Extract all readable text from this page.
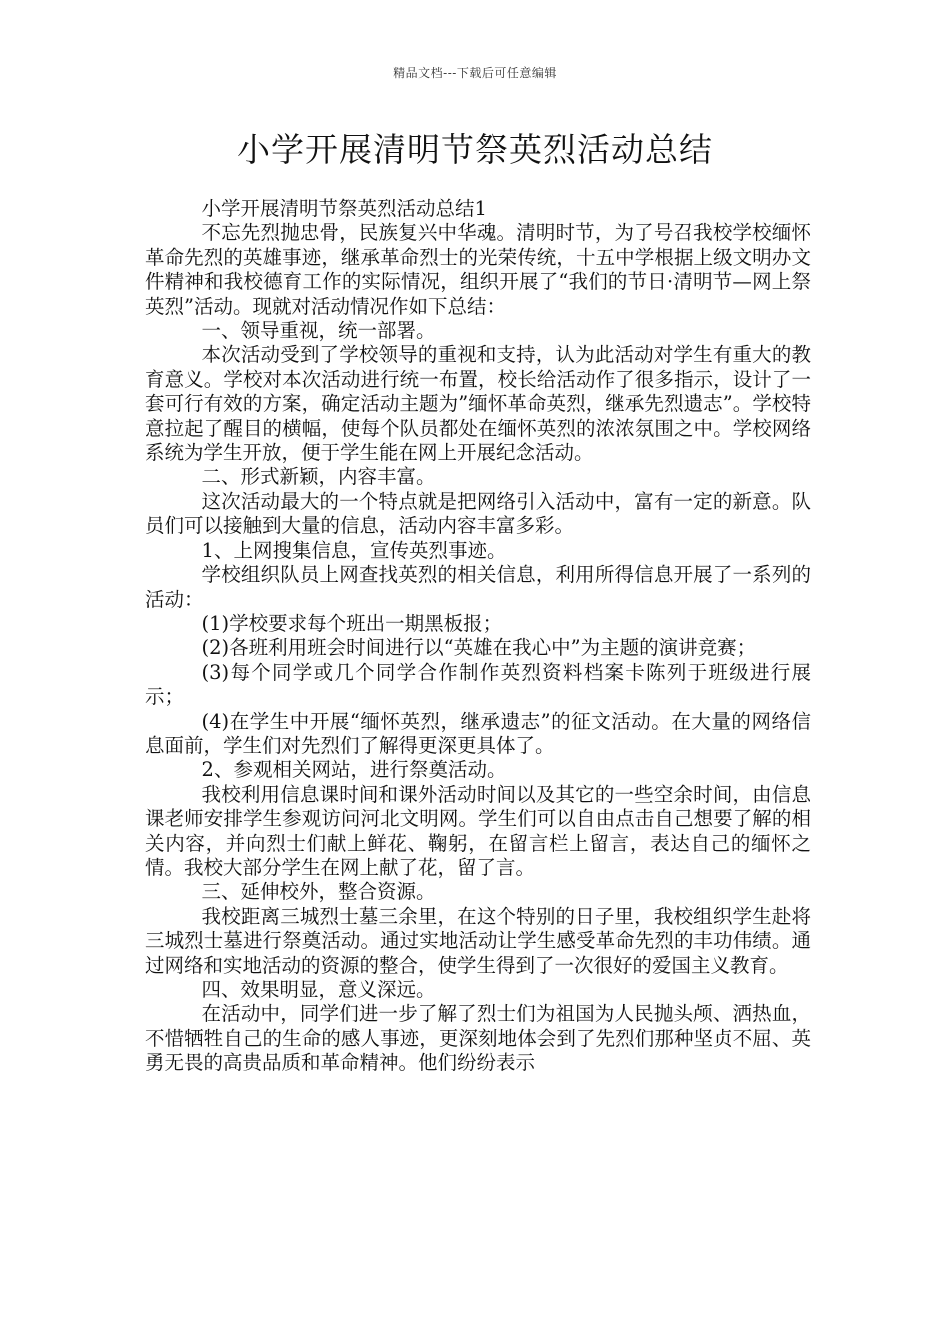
精品文档---下载后可任意编辑
小学开展清明节祭英烈活动总结

小学开展清明节祭英烈活动总结1

不忘先烈抛忠骨，民族复兴中华魂。清明时节，为了号召我校学校缅怀革命先烈的英雄事迹，继承革命烈士的光荣传统，十五中学根据上级文明办文件精神和我校德育工作的实际情况，组织开展了“我们的节日·清明节—网上祭英烈”活动。现就对活动情况作如下总结：

一、领导重视，统一部署。

本次活动受到了学校领导的重视和支持，认为此活动对学生有重大的教育意义。学校对本次活动进行统一布置，校长给活动作了很多指示，设计了一套可行有效的方案，确定活动主题为”缅怀革命英烈，继承先烈遗志”。学校特意拉起了醒目的横幅，使每个队员都处在缅怀英烈的浓浓氛围之中。学校网络系统为学生开放，便于学生能在网上开展纪念活动。

二、形式新颖，内容丰富。

这次活动最大的一个特点就是把网络引入活动中，富有一定的新意。队员们可以接触到大量的信息，活动内容丰富多彩。

1、上网搜集信息，宣传英烈事迹。

学校组织队员上网查找英烈的相关信息，利用所得信息开展了一系列的活动：

(1)学校要求每个班出一期黑板报；

(2)各班利用班会时间进行以“英雄在我心中”为主题的演讲竞赛；

(3)每个同学或几个同学合作制作英烈资料档案卡陈列于班级进行展示；

(4)在学生中开展“缅怀英烈，继承遗志”的征文活动。在大量的网络信息面前，学生们对先烈们了解得更深更具体了。

2、参观相关网站，进行祭奠活动。

我校利用信息课时间和课外活动时间以及其它的一些空余时间，由信息课老师安排学生参观访问河北文明网。学生们可以自由点击自己想要了解的相关内容，并向烈士们献上鲜花、鞠躬，在留言栏上留言，表达自己的缅怀之情。我校大部分学生在网上献了花，留了言。

三、延伸校外，整合资源。

我校距离三城烈士墓三余里，在这个特别的日子里，我校组织学生赴将三城烈士墓进行祭奠活动。通过实地活动让学生感受革命先烈的丰功伟绩。通过网络和实地活动的资源的整合，使学生得到了一次很好的爱国主义教育。

四、效果明显，意义深远。

在活动中，同学们进一步了解了烈士们为祖国为人民抛头颅、洒热血，不惜牺牲自己的生命的感人事迹，更深刻地体会到了先烈们那种坚贞不屈、英勇无畏的高贵品质和革命精神。他们纷纷表示
